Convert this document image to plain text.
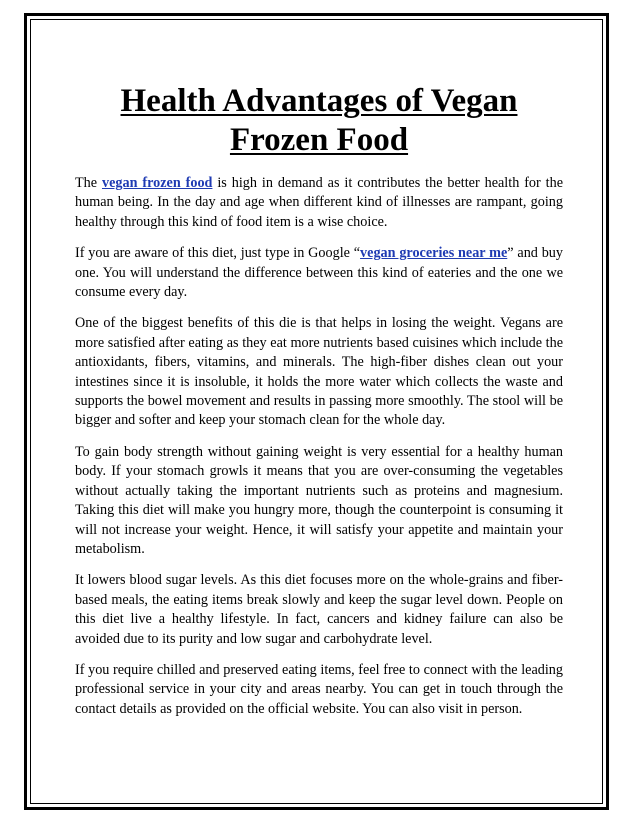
Health Advantages of Vegan
Frozen Food

The vegan frozen food is high in demand as it contributes the better health for the human being. In the day and age when different kind of illnesses are rampant, going healthy through this kind of food item is a wise choice.

If you are aware of this diet, just type in Google “vegan groceries near me” and buy one. You will understand the difference between this kind of eateries and the one we consume every day.

One of the biggest benefits of this die is that helps in losing the weight. Vegans are more satisfied after eating as they eat more nutrients based cuisines which include the antioxidants, fibers, vitamins, and minerals. The high-fiber dishes clean out your intestines since it is insoluble, it holds the more water which collects the waste and supports the bowel movement and results in passing more smoothly. The stool will be bigger and softer and keep your stomach clean for the whole day.

To gain body strength without gaining weight is very essential for a healthy human body. If your stomach growls it means that you are over-consuming the vegetables without actually taking the important nutrients such as proteins and magnesium. Taking this diet will make you hungry more, though the counterpoint is consuming it will not increase your weight. Hence, it will satisfy your appetite and maintain your metabolism.

It lowers blood sugar levels. As this diet focuses more on the whole-grains and fiber-based meals, the eating items break slowly and keep the sugar level down. People on this diet live a healthy lifestyle. In fact, cancers and kidney failure can also be avoided due to its purity and low sugar and carbohydrate level.

If you require chilled and preserved eating items, feel free to connect with the leading professional service in your city and areas nearby. You can get in touch through the contact details as provided on the official website. You can also visit in person.
